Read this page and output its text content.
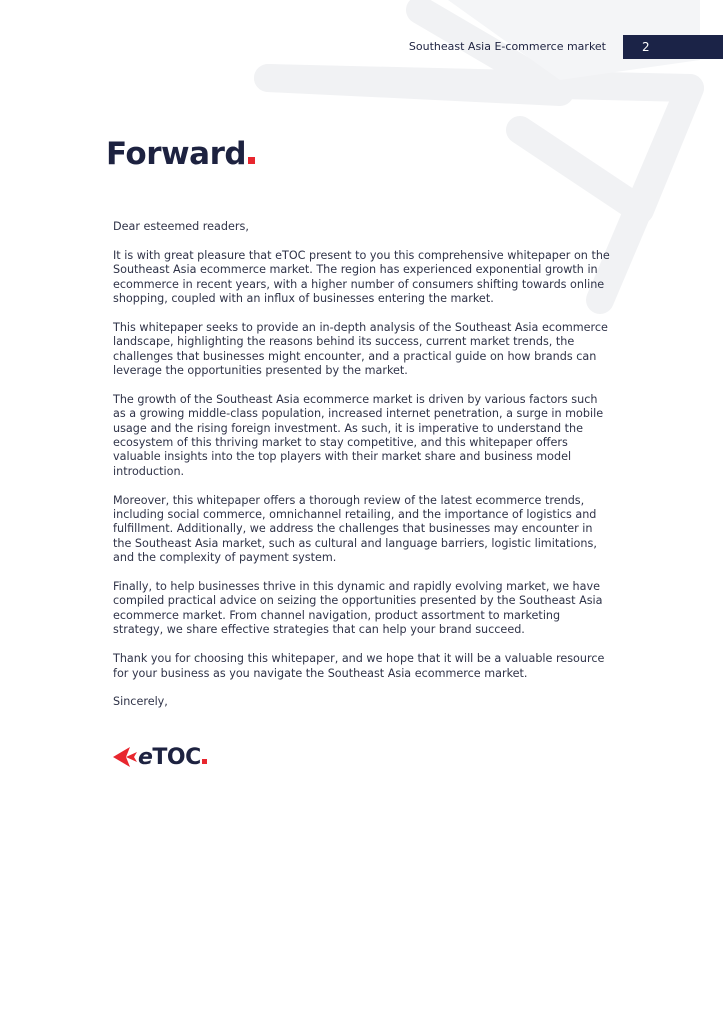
Southeast Asia E-commerce market	2
Forward

Dear esteemed readers,

It is with great pleasure that eTOC present to you this comprehensive whitepaper on the Southeast Asia ecommerce market. The region has experienced exponential growth in ecommerce in recent years, with a higher number of consumers shifting towards online shopping, coupled with an influx of businesses entering the market.

This whitepaper seeks to provide an in-depth analysis of the Southeast Asia ecommerce landscape, highlighting the reasons behind its success, current market trends, the challenges that businesses might encounter, and a practical guide on how brands can leverage the opportunities presented by the market.

The growth of the Southeast Asia ecommerce market is driven by various factors such as a growing middle-class population, increased internet penetration, a surge in mobile usage and the rising foreign investment. As such, it is imperative to understand the ecosystem of this thriving market to stay competitive, and this whitepaper offers valuable insights into the top players with their market share and business model introduction.

Moreover, this whitepaper offers a thorough review of the latest ecommerce trends, including social commerce, omnichannel retailing, and the importance of logistics and fulfillment. Additionally, we address the challenges that businesses may encounter in the Southeast Asia market, such as cultural and language barriers, logistic limitations, and the complexity of payment system.

Finally, to help businesses thrive in this dynamic and rapidly evolving market, we have compiled practical advice on seizing the opportunities presented by the Southeast Asia ecommerce market. From channel navigation, product assortment to marketing strategy, we share effective strategies that can help your brand succeed.

Thank you for choosing this whitepaper, and we hope that it will be a valuable resource for your business as you navigate the Southeast Asia ecommerce market.

Sincerely,

eTOC
